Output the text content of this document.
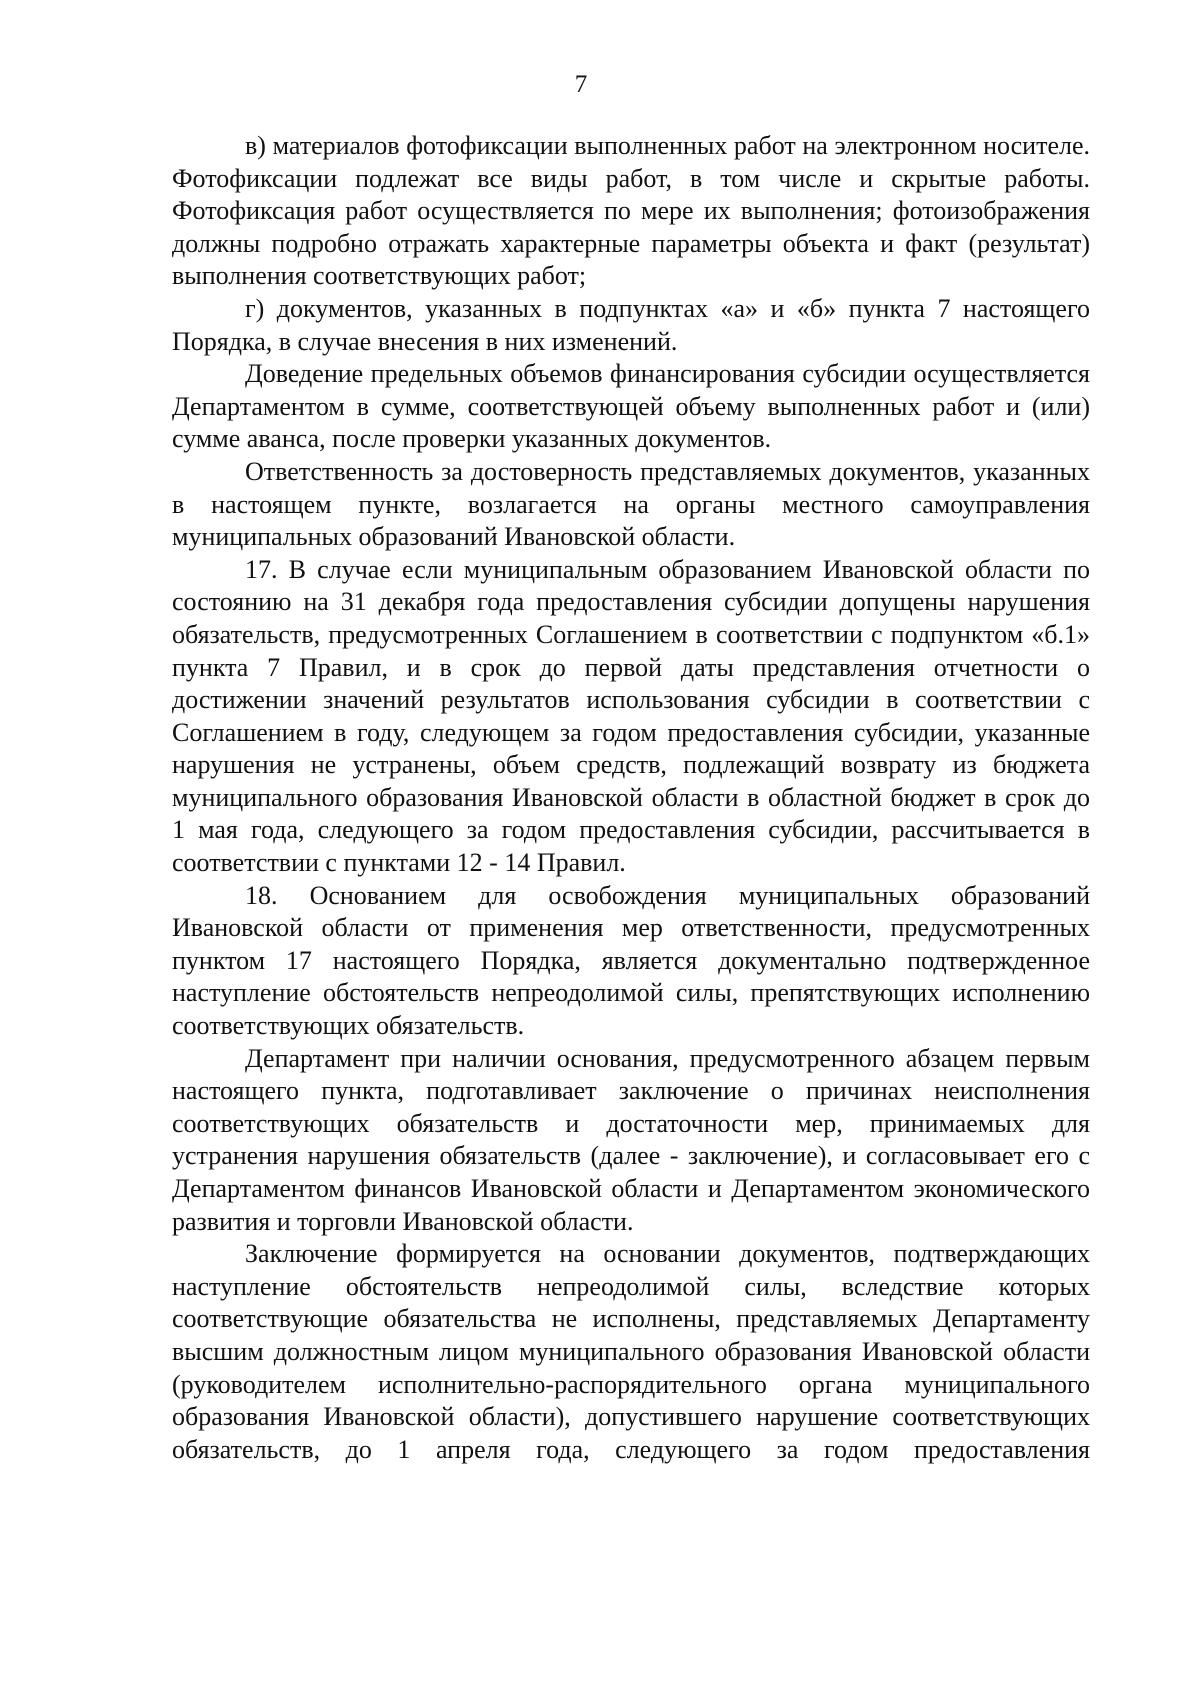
7

в) материалов фотофиксации выполненных работ на электронном носителе. Фотофиксации подлежат все виды работ, в том числе и скрытые работы. Фотофиксация работ осуществляется по мере их выполнения; фотоизображения должны подробно отражать характерные параметры объекта и факт (результат) выполнения соответствующих работ;

г) документов, указанных в подпунктах «а» и «б» пункта 7 настоящего Порядка, в случае внесения в них изменений.

Доведение предельных объемов финансирования субсидии осуществляется Департаментом в сумме, соответствующей объему выполненных работ и (или) сумме аванса, после проверки указанных документов.

Ответственность за достоверность представляемых документов, указанных в настоящем пункте, возлагается на органы местного самоуправления муниципальных образований Ивановской области.

17. В случае если муниципальным образованием Ивановской области по состоянию на 31 декабря года предоставления субсидии допущены нарушения обязательств, предусмотренных Соглашением в соответствии с подпунктом «б.1» пункта 7 Правил, и в срок до первой даты представления отчетности о достижении значений результатов использования субсидии в соответствии с Соглашением в году, следующем за годом предоставления субсидии, указанные нарушения не устранены, объем средств, подлежащий возврату из бюджета муниципального образования Ивановской области в областной бюджет в срок до 1 мая года, следующего за годом предоставления субсидии, рассчитывается в соответствии с пунктами 12 - 14 Правил.

18. Основанием для освобождения муниципальных образований Ивановской области от применения мер ответственности, предусмотренных пунктом 17 настоящего Порядка, является документально подтвержденное наступление обстоятельств непреодолимой силы, препятствующих исполнению соответствующих обязательств.

Департамент при наличии основания, предусмотренного абзацем первым настоящего пункта, подготавливает заключение о причинах неисполнения соответствующих обязательств и достаточности мер, принимаемых для устранения нарушения обязательств (далее - заключение), и согласовывает его с Департаментом финансов Ивановской области и Департаментом экономического развития и торговли Ивановской области.

Заключение формируется на основании документов, подтверждающих наступление обстоятельств непреодолимой силы, вследствие которых соответствующие обязательства не исполнены, представляемых Департаменту высшим должностным лицом муниципального образования Ивановской области (руководителем исполнительно-распорядительного органа муниципального образования Ивановской области), допустившего нарушение соответствующих обязательств, до 1 апреля года, следующего за годом предоставления
